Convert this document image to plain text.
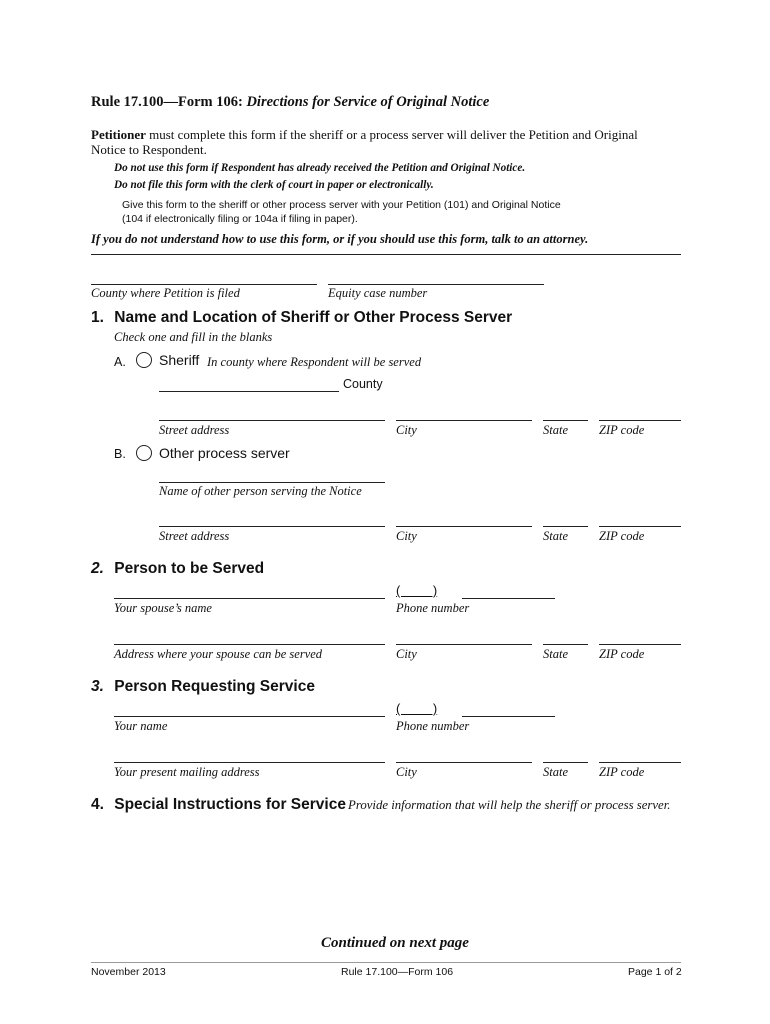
Rule 17.100—Form 106: Directions for Service of Original Notice
Petitioner must complete this form if the sheriff or a process server will deliver the Petition and Original Notice to Respondent.
Do not use this form if Respondent has already received the Petition and Original Notice.
Do not file this form with the clerk of court in paper or electronically.
Give this form to the sheriff or other process server with your Petition (101) and Original Notice
(104 if electronically filing or 104a if filing in paper).
If you do not understand how to use this form, or if you should use this form, talk to an attorney.
County where Petition is filed	Equity case number
1. Name and Location of Sheriff or Other Process Server
Check one and fill in the blanks
A. Sheriff In county where Respondent will be served
County
Street address	City	State ZIP code
B. Other process server
Name of other person serving the Notice
Street address	City	State ZIP code
2. Person to be Served
(         )
Your spouse’s name	Phone number
Address where your spouse can be served	City	State ZIP code
3. Person Requesting Service
(         )
Your name	Phone number
Your present mailing address	City	State ZIP code
4. Special Instructions for Service Provide information that will help the sheriff or process server.
Continued on next page
November 2013	Rule 17.100—Form 106	Page 1 of 2
